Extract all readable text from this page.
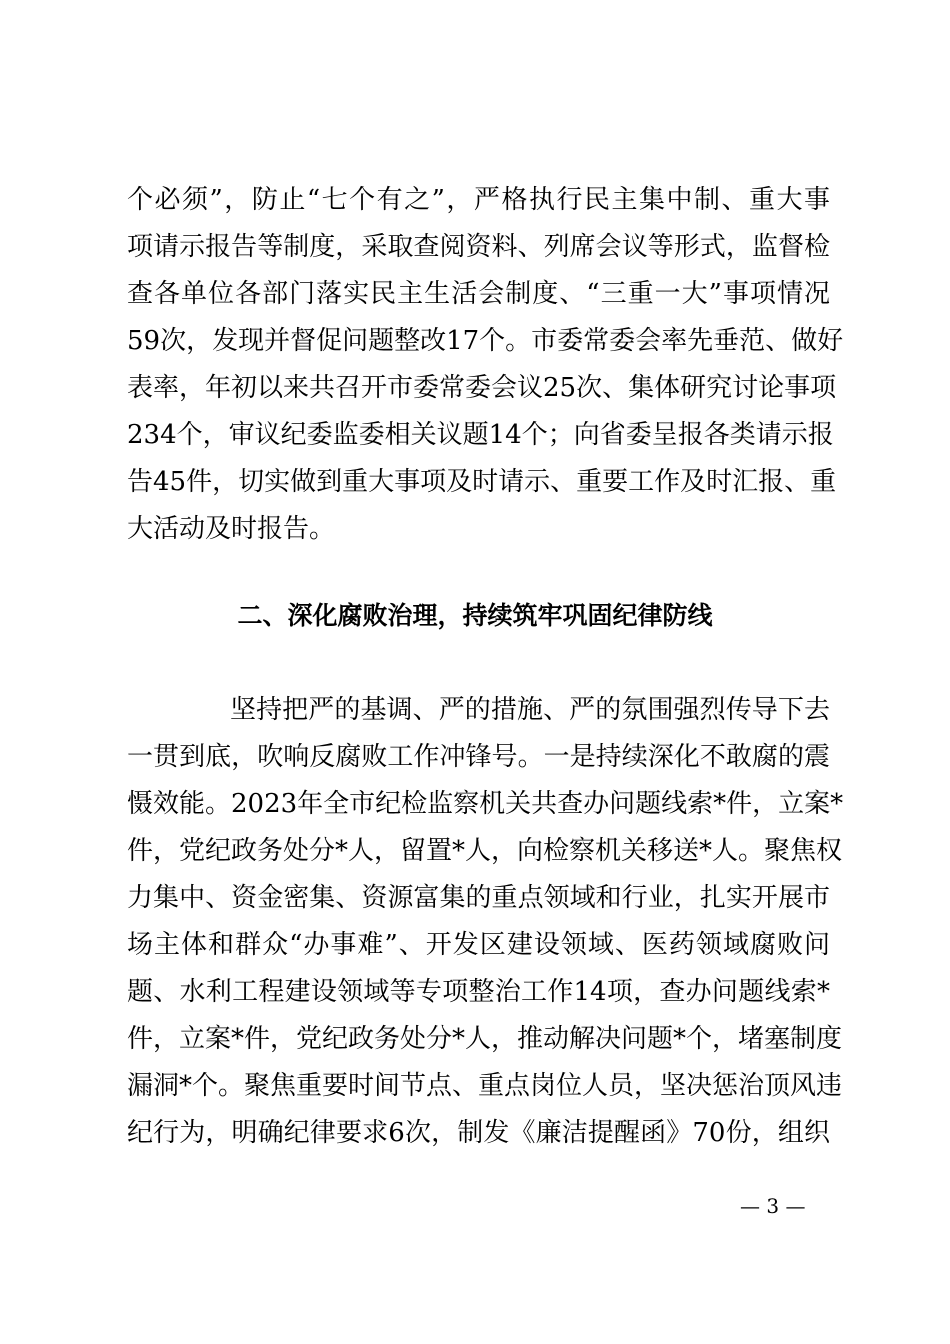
个必须”，防止“七个有之”，严格执行民主集中制、重大事
项请示报告等制度，采取查阅资料、列席会议等形式，监督检
查各单位各部门落实民主生活会制度、“三重一大”事项情况
59次，发现并督促问题整改17个。市委常委会率先垂范、做好
表率，年初以来共召开市委常委会议25次、集体研究讨论事项
234个，审议纪委监委相关议题14个；向省委呈报各类请示报
告45件，切实做到重大事项及时请示、重要工作及时汇报、重
大活动及时报告。
二、深化腐败治理，持续筑牢巩固纪律防线
坚持把严的基调、严的措施、严的氛围强烈传导下去
一贯到底，吹响反腐败工作冲锋号。一是持续深化不敢腐的震
慑效能。2023年全市纪检监察机关共查办问题线索*件，立案*
件，党纪政务处分*人，留置*人，向检察机关移送*人。聚焦权
力集中、资金密集、资源富集的重点领域和行业，扎实开展市
场主体和群众“办事难”、开发区建设领域、医药领域腐败问
题、水利工程建设领域等专项整治工作14项，查办问题线索*
件，立案*件，党纪政务处分*人，推动解决问题*个，堵塞制度
漏洞*个。聚焦重要时间节点、重点岗位人员，坚决惩治顶风违
纪行为，明确纪律要求6次，制发《廉洁提醒函》70份，组织
— 3 —
